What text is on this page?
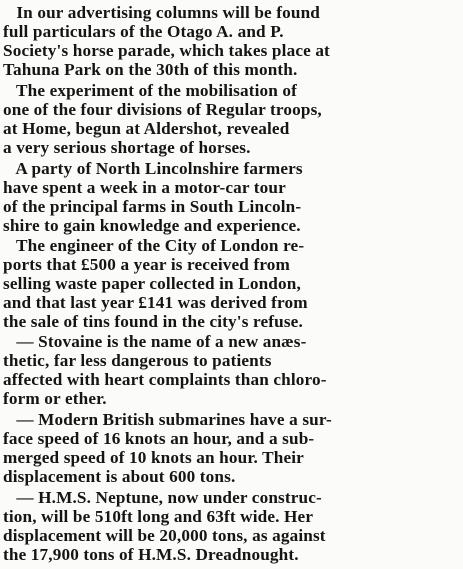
In our advertising columns will be found
full particulars of the Otago A. and P.
Society's horse parade, which takes place at
Tahuna Park on the 30th of this month.
The experiment of the mobilisation of
one of the four divisions of Regular troops,
at Home, begun at Aldershot, revealed
a very serious shortage of horses.
A party of North Lincolnshire farmers
have spent a week in a motor-car tour
of the principal farms in South Lincoln-
shire to gain knowledge and experience.
The engineer of the City of London re-
ports that £500 a year is received from
selling waste paper collected in London,
and that last year £141 was derived from
the sale of tins found in the city's refuse.
— Stovaine is the name of a new anæs-
thetic, far less dangerous to patients
affected with heart complaints than chloro-
form or ether.
— Modern British submarines have a sur-
face speed of 16 knots an hour, and a sub-
merged speed of 10 knots an hour. Their
displacement is about 600 tons.
— H.M.S. Neptune, now under construc-
tion, will be 510ft long and 63ft wide. Her
displacement will be 20,000 tons, as against
the 17,900 tons of H.M.S. Dreadnought.
